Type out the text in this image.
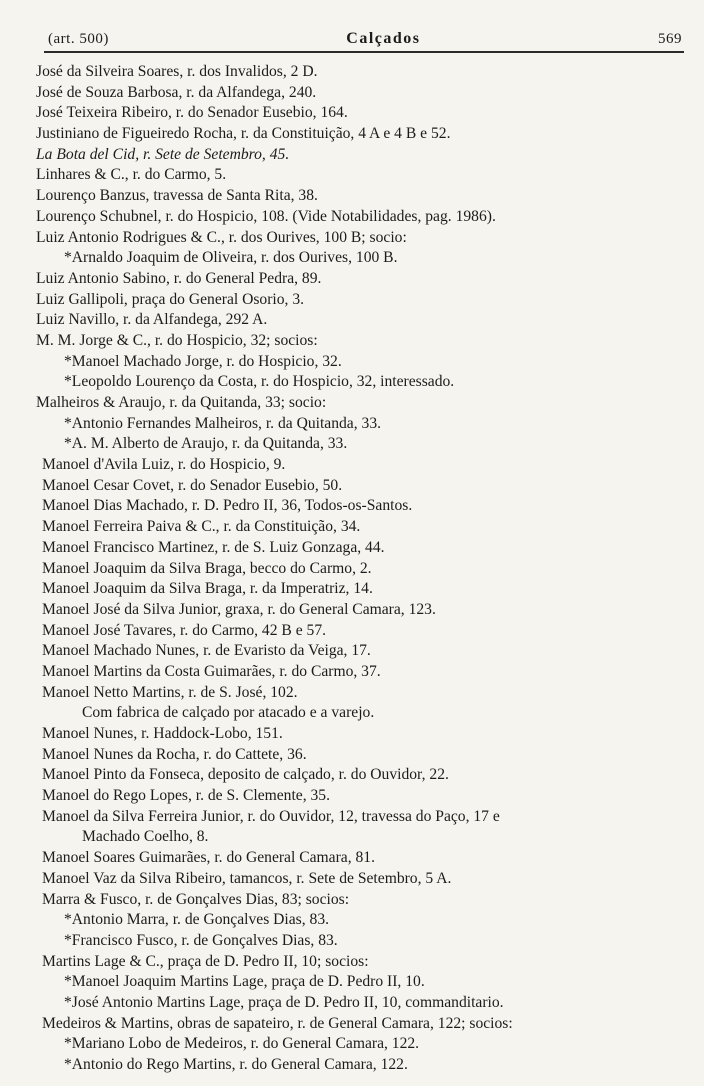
(art. 500)	Calçados	569
José da Silveira Soares, r. dos Invalidos, 2 D.
José de Souza Barbosa, r. da Alfandega, 240.
José Teixeira Ribeiro, r. do Senador Eusebio, 164.
Justiniano de Figueiredo Rocha, r. da Constituição, 4 A e 4 B e 52.
La Bota del Cid, r. Sete de Setembro, 45.
Linhares & C., r. do Carmo, 5.
Lourenço Banzus, travessa de Santa Rita, 38.
Lourenço Schubnel, r. do Hospicio, 108. (Vide Notabilidades, pag. 1986).
Luiz Antonio Rodrigues & C., r. dos Ourives, 100 B; socio:
*Arnaldo Joaquim de Oliveira, r. dos Ourives, 100 B.
Luiz Antonio Sabino, r. do General Pedra, 89.
Luiz Gallipoli, praça do General Osorio, 3.
Luiz Navillo, r. da Alfandega, 292 A.
M. M. Jorge & C., r. do Hospicio, 32; socios:
*Manoel Machado Jorge, r. do Hospicio, 32.
*Leopoldo Lourenço da Costa, r. do Hospicio, 32, interessado.
Malheiros & Araujo, r. da Quitanda, 33; socio:
*Antonio Fernandes Malheiros, r. da Quitanda, 33.
*A. M. Alberto de Araujo, r. da Quitanda, 33.
Manoel d'Avila Luiz, r. do Hospicio, 9.
Manoel Cesar Covet, r. do Senador Eusebio, 50.
Manoel Dias Machado, r. D. Pedro II, 36, Todos-os-Santos.
Manoel Ferreira Paiva & C., r. da Constituição, 34.
Manoel Francisco Martinez, r. de S. Luiz Gonzaga, 44.
Manoel Joaquim da Silva Braga, becco do Carmo, 2.
Manoel Joaquim da Silva Braga, r. da Imperatriz, 14.
Manoel José da Silva Junior, graxa, r. do General Camara, 123.
Manoel José Tavares, r. do Carmo, 42 B e 57.
Manoel Machado Nunes, r. de Evaristo da Veiga, 17.
Manoel Martins da Costa Guimarães, r. do Carmo, 37.
Manoel Netto Martins, r. de S. José, 102.
Com fabrica de calçado por atacado e a varejo.
Manoel Nunes, r. Haddock-Lobo, 151.
Manoel Nunes da Rocha, r. do Cattete, 36.
Manoel Pinto da Fonseca, deposito de calçado, r. do Ouvidor, 22.
Manoel do Rego Lopes, r. de S. Clemente, 35.
Manoel da Silva Ferreira Junior, r. do Ouvidor, 12, travessa do Paço, 17 e
Machado Coelho, 8.
Manoel Soares Guimarães, r. do General Camara, 81.
Manoel Vaz da Silva Ribeiro, tamancos, r. Sete de Setembro, 5 A.
Marra & Fusco, r. de Gonçalves Dias, 83; socios:
*Antonio Marra, r. de Gonçalves Dias, 83.
*Francisco Fusco, r. de Gonçalves Dias, 83.
Martins Lage & C., praça de D. Pedro II, 10; socios:
*Manoel Joaquim Martins Lage, praça de D. Pedro II, 10.
*José Antonio Martins Lage, praça de D. Pedro II, 10, commanditario.
Medeiros & Martins, obras de sapateiro, r. de General Camara, 122; socios:
*Mariano Lobo de Medeiros, r. do General Camara, 122.
*Antonio do Rego Martins, r. do General Camara, 122.
